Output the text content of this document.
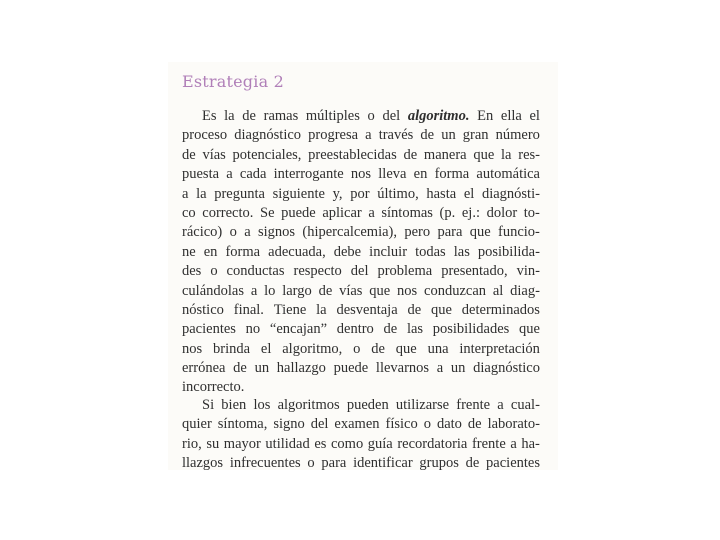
Estrategia 2
Es la de ramas múltiples o del algoritmo. En ella el
proceso diagnóstico progresa a través de un gran número
de vías potenciales, preestablecidas de manera que la res-
puesta a cada interrogante nos lleva en forma automática
a la pregunta siguiente y, por último, hasta el diagnósti-
co correcto. Se puede aplicar a síntomas (p. ej.: dolor to-
rácico) o a signos (hipercalcemia), pero para que funcio-
ne en forma adecuada, debe incluir todas las posibilida-
des o conductas respecto del problema presentado, vin-
culándolas a lo largo de vías que nos conduzcan al diag-
nóstico final. Tiene la desventaja de que determinados
pacientes no “encajan” dentro de las posibilidades que
nos brinda el algoritmo, o de que una interpretación
errónea de un hallazgo puede llevarnos a un diagnóstico
incorrecto.
Si bien los algoritmos pueden utilizarse frente a cual-
quier síntoma, signo del examen físico o dato de laborato-
rio, su mayor utilidad es como guía recordatoria frente a ha-
llazgos infrecuentes o para identificar grupos de pacientes
